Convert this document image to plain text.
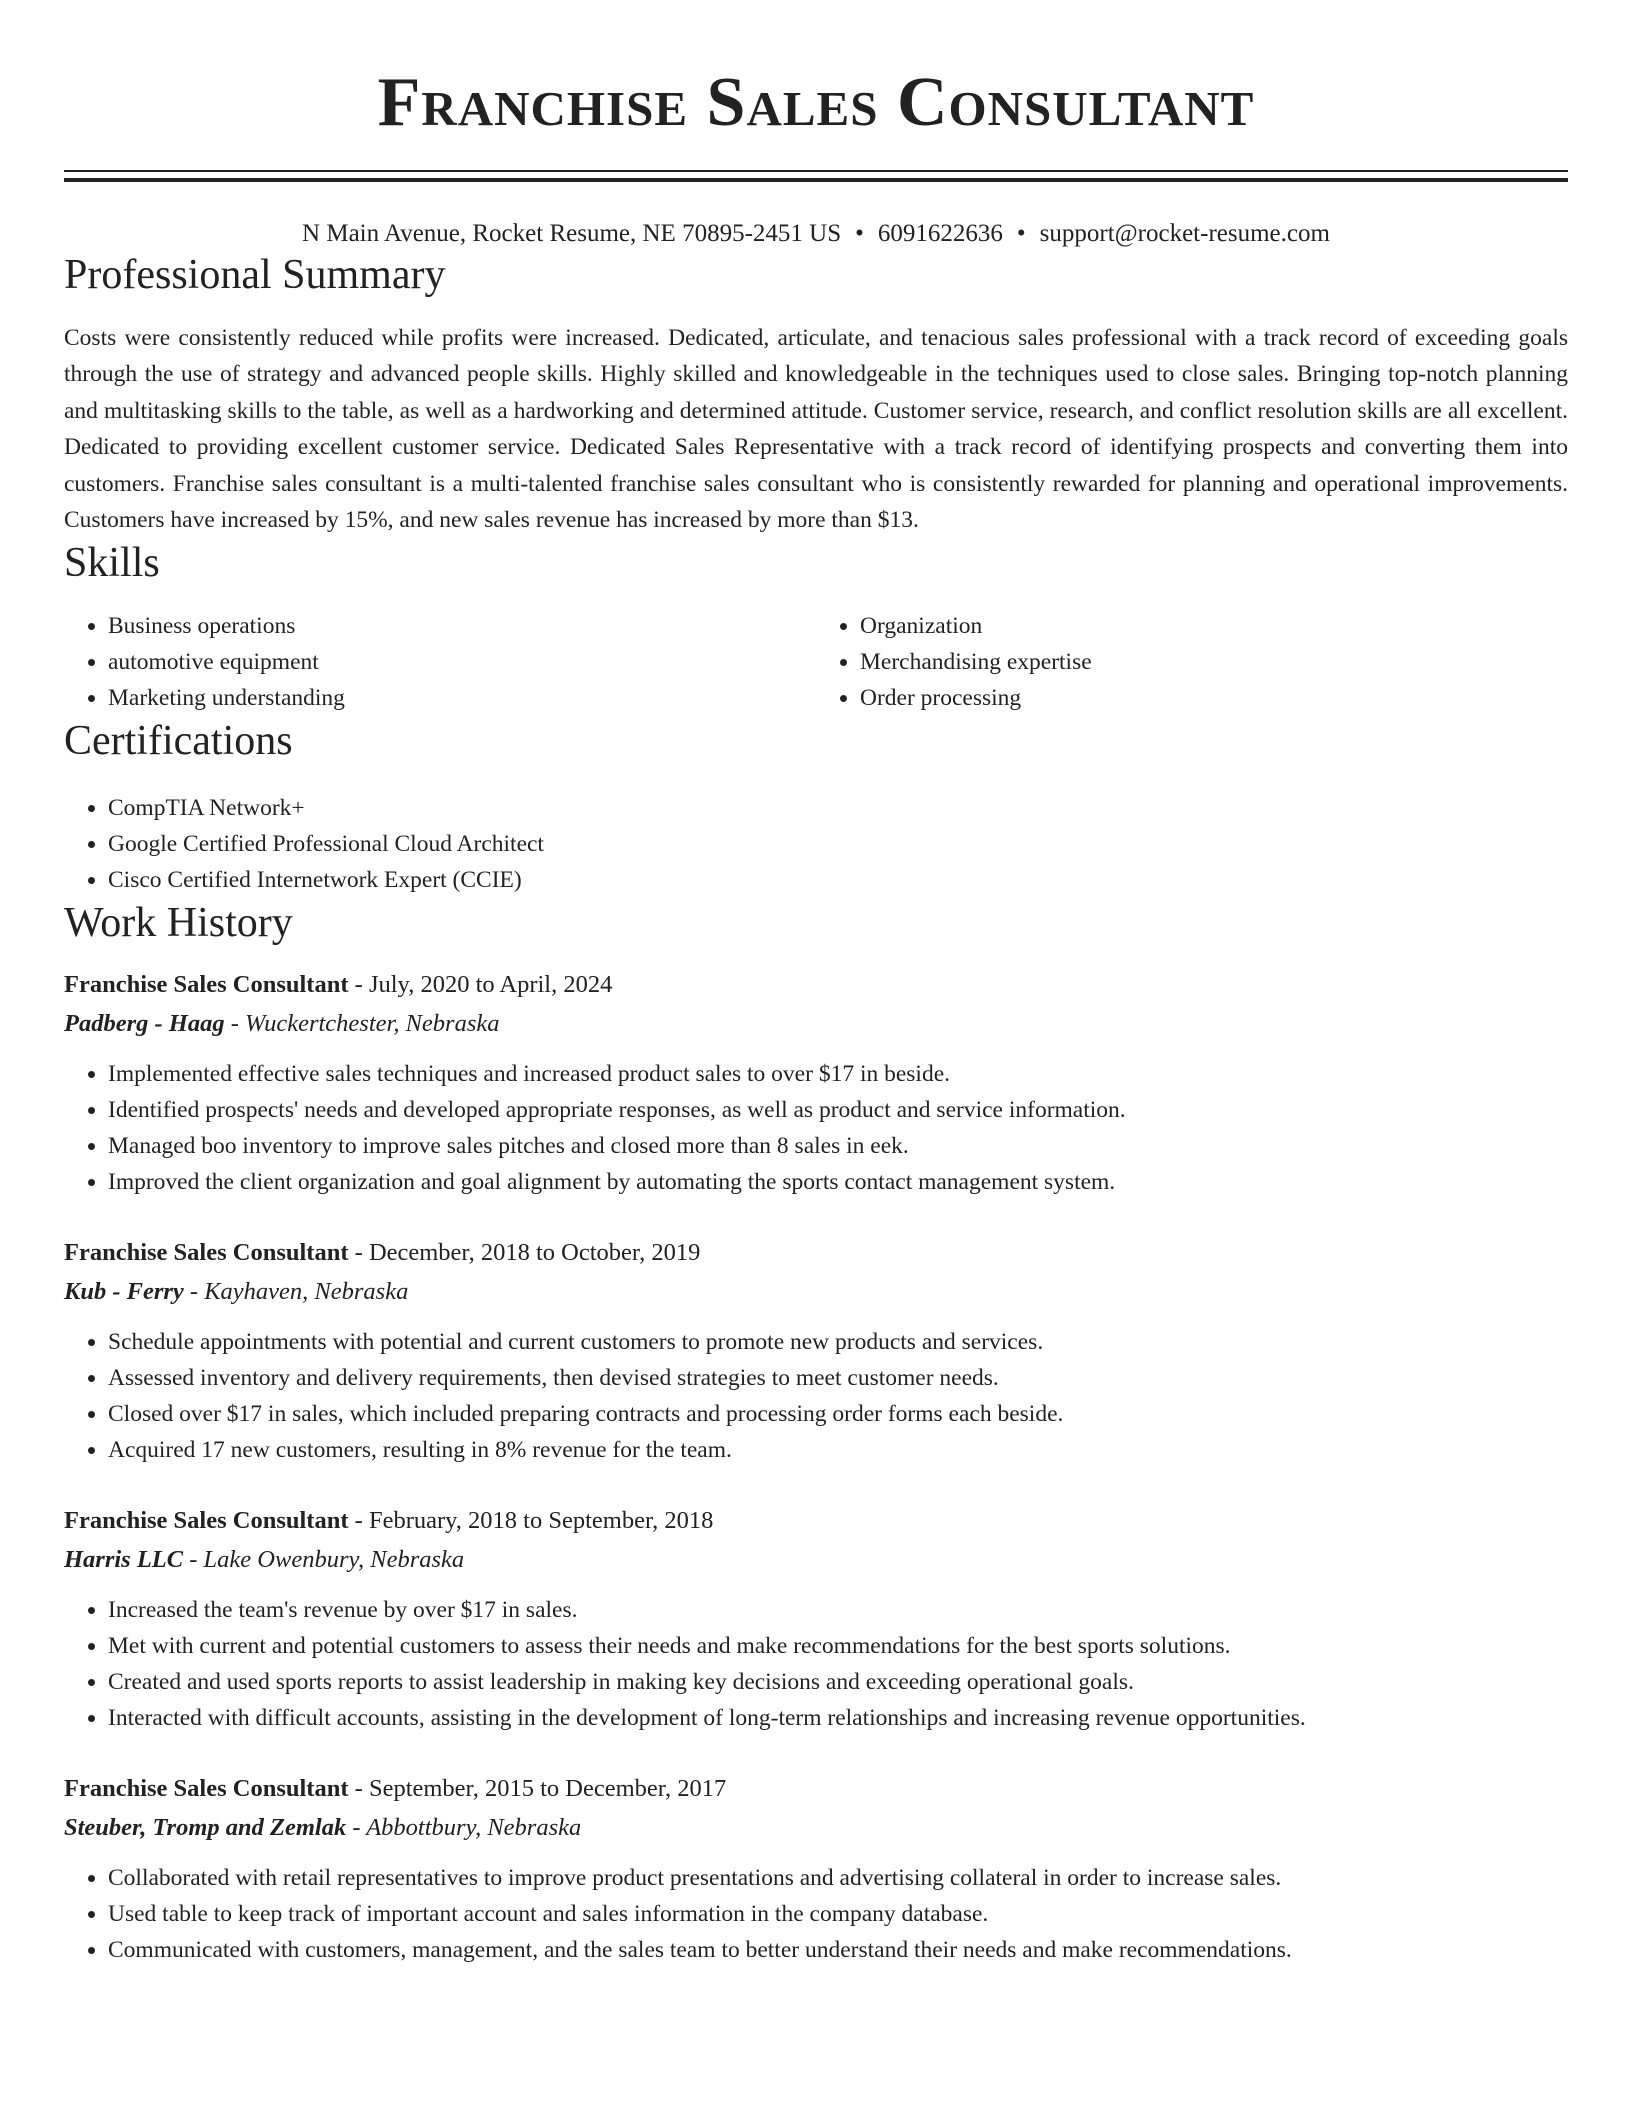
Franchise Sales Consultant
N Main Avenue, Rocket Resume, NE 70895-2451 US • 6091622636 • support@rocket-resume.com
Professional Summary

Costs were consistently reduced while profits were increased. Dedicated, articulate, and tenacious sales professional with a track record of exceeding goals through the use of strategy and advanced people skills. Highly skilled and knowledgeable in the techniques used to close sales. Bringing top-notch planning and multitasking skills to the table, as well as a hardworking and determined attitude. Customer service, research, and conflict resolution skills are all excellent. Dedicated to providing excellent customer service. Dedicated Sales Representative with a track record of identifying prospects and converting them into customers. Franchise sales consultant is a multi-talented franchise sales consultant who is consistently rewarded for planning and operational improvements. Customers have increased by 15%, and new sales revenue has increased by more than $13.

Skills
• Business operations
• automotive equipment
• Marketing understanding
• Organization
• Merchandising expertise
• Order processing
Certifications
• CompTIA Network+
• Google Certified Professional Cloud Architect
• Cisco Certified Internetwork Expert (CCIE)
Work History
Franchise Sales Consultant - July, 2020 to April, 2024
Padberg - Haag - Wuckertchester, Nebraska
• Implemented effective sales techniques and increased product sales to over $17 in beside.
• Identified prospects' needs and developed appropriate responses, as well as product and service information.
• Managed boo inventory to improve sales pitches and closed more than 8 sales in eek.
• Improved the client organization and goal alignment by automating the sports contact management system.
Franchise Sales Consultant - December, 2018 to October, 2019
Kub - Ferry - Kayhaven, Nebraska
• Schedule appointments with potential and current customers to promote new products and services.
• Assessed inventory and delivery requirements, then devised strategies to meet customer needs.
• Closed over $17 in sales, which included preparing contracts and processing order forms each beside.
• Acquired 17 new customers, resulting in 8% revenue for the team.
Franchise Sales Consultant - February, 2018 to September, 2018
Harris LLC - Lake Owenbury, Nebraska
• Increased the team's revenue by over $17 in sales.
• Met with current and potential customers to assess their needs and make recommendations for the best sports solutions.
• Created and used sports reports to assist leadership in making key decisions and exceeding operational goals.
• Interacted with difficult accounts, assisting in the development of long-term relationships and increasing revenue opportunities.
Franchise Sales Consultant - September, 2015 to December, 2017
Steuber, Tromp and Zemlak - Abbottbury, Nebraska
• Collaborated with retail representatives to improve product presentations and advertising collateral in order to increase sales.
• Used table to keep track of important account and sales information in the company database.
• Communicated with customers, management, and the sales team to better understand their needs and make recommendations.
